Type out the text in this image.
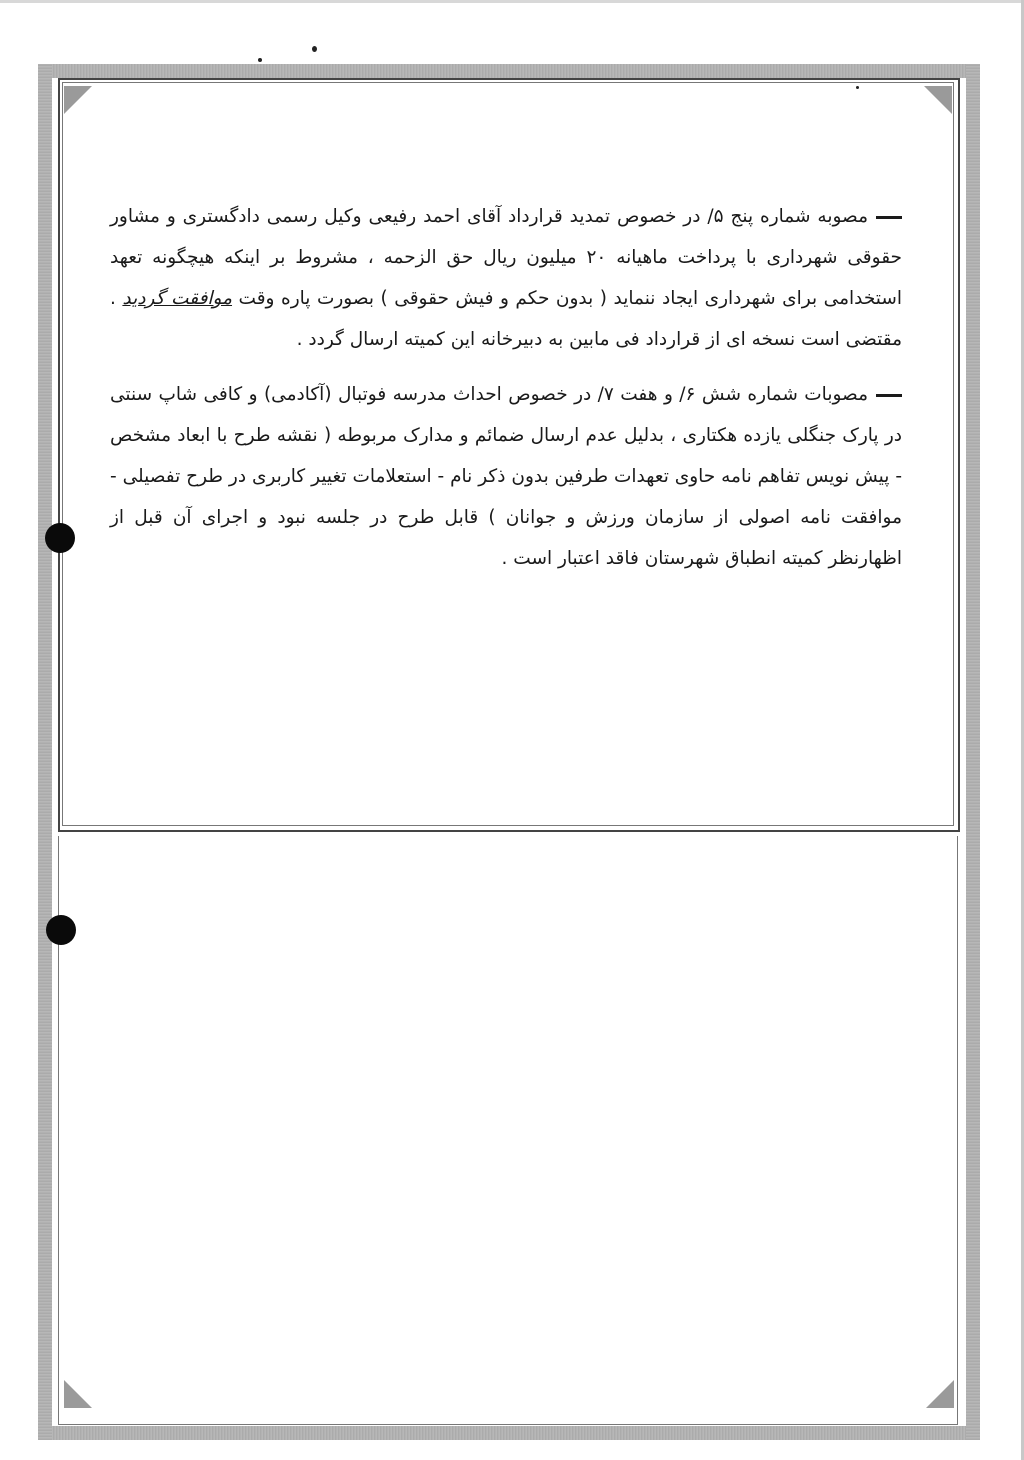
مصوبه شماره پنج ۵/ در خصوص تمدید قرارداد آقای احمد رفیعی وکیل رسمی دادگستری و مشاور حقوقی شهرداری با پرداخت ماهیانه ۲۰ میلیون ریال حق الزحمه ، مشروط بر اینکه هیچگونه تعهد استخدامی برای شهرداری ایجاد ننماید ( بدون حکم و فیش حقوقی ) بصورت پاره وقت موافقت گردید . مقتضی است نسخه ای از قرارداد فی مابین به دبیرخانه این کمیته ارسال گردد .

مصوبات شماره شش ۶/ و هفت ۷/ در خصوص احداث مدرسه فوتبال (آکادمی) و کافی شاپ سنتی در پارک جنگلی یازده هکتاری ، بدلیل عدم ارسال ضمائم و مدارک مربوطه ( نقشه طرح با ابعاد مشخص - پیش نویس تفاهم نامه حاوی تعهدات طرفین بدون ذکر نام - استعلامات تغییر کاربری در طرح تفصیلی - موافقت نامه اصولی از سازمان ورزش و جوانان ) قابل طرح در جلسه نبود و اجرای آن قبل از اظهارنظر کمیته انطباق شهرستان فاقد اعتبار است .
